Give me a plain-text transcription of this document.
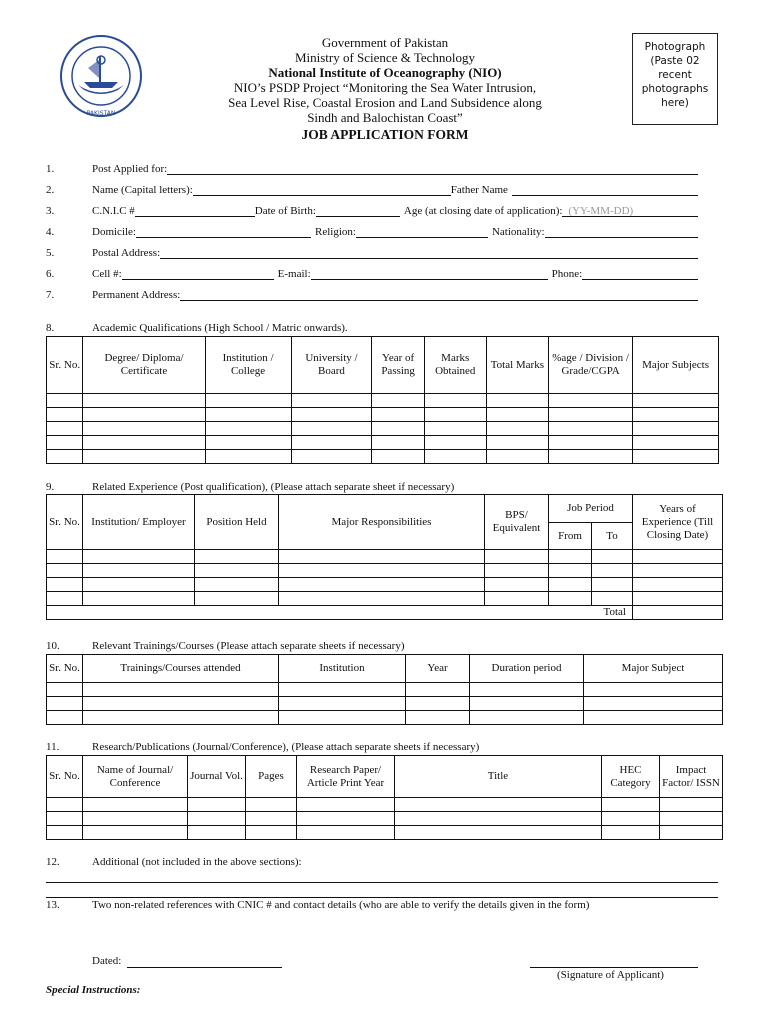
PAKISTAN
Government of Pakistan
Ministry of Science & Technology
National Institute of Oceanography (NIO)
NIO’s PSDP Project “Monitoring the Sea Water Intrusion,
Sea Level Rise, Coastal Erosion and Land Subsidence along
Sindh and Balochistan Coast”
JOB APPLICATION FORM
Photograph
(Paste 02
recent
photographs
here)
1.	Post Applied for:
2.	Name (Capital letters):	Father Name
3.	C.N.I.C #	Date of Birth:	Age (at closing date of application): (YY-MM-DD)
4.	Domicile:	Religion:	Nationality:
5.	Postal Address:
6.	Cell #:	E-mail:	Phone:
7.	Permanent Address:
8.	Academic Qualifications (High School / Matric onwards).
Sr. No.	Degree/ Diploma/ Certificate	Institution / College	University / Board	Year of Passing	Marks Obtained	Total Marks	%age / Division / Grade/CGPA	Major Subjects

9.	Related Experience (Post qualification), (Please attach separate sheet if necessary)
Sr. No.	Institution/ Employer	Position Held	Major Responsibilities	BPS/ Equivalent	Job Period		Years of Experience (Till Closing Date)
					From	To	

Total							
10.	Relevant Trainings/Courses (Please attach separate sheets if necessary)
Sr. No.	Trainings/Courses attended	Institution	Year	Duration period	Major Subject

11.	Research/Publications (Journal/Conference), (Please attach separate sheets if necessary)
Sr. No.	Name of Journal/ Conference	Journal Vol.	Pages	Research Paper/ Article Print Year	Title	HEC Category	Impact Factor/ ISSN

12.	Additional (not included in the above sections):
13.	Two non-related references with CNIC # and contact details (who are able to verify the details given in the form)
Dated:
(Signature of Applicant)
Special Instructions:
